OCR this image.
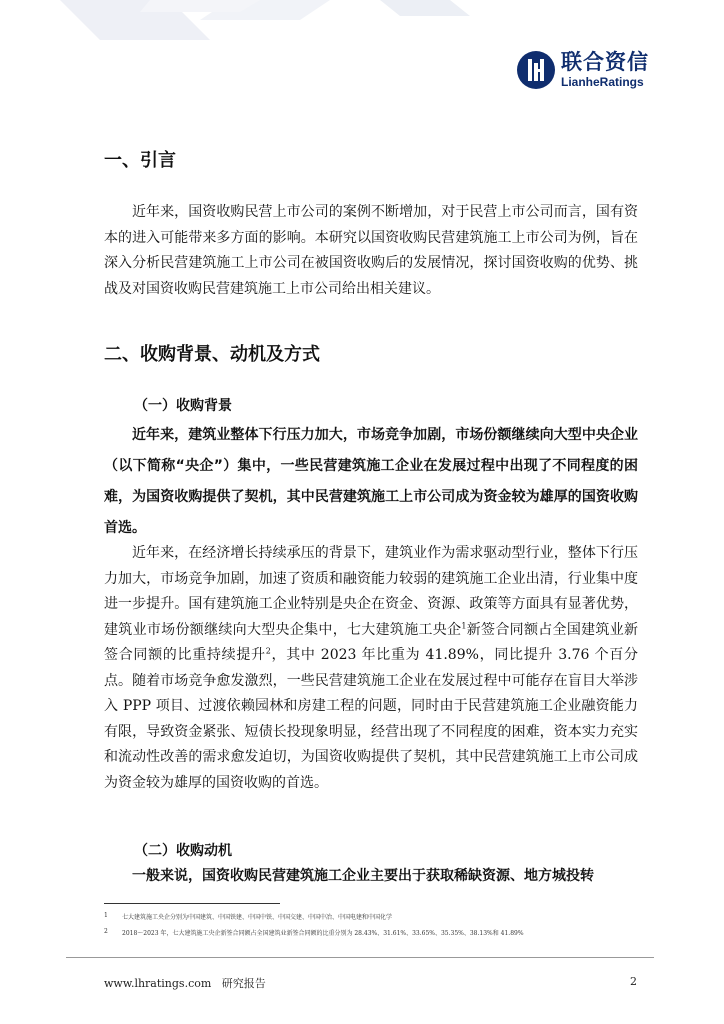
联合资信
LianheRatings
一、引言

近年来，国资收购民营上市公司的案例不断增加，对于民营上市公司而言，国有资本的进入可能带来多方面的影响。本研究以国资收购民营建筑施工上市公司为例，旨在深入分析民营建筑施工上市公司在被国资收购后的发展情况，探讨国资收购的优势、挑战及对国资收购民营建筑施工上市公司给出相关建议。

二、收购背景、动机及方式
（一）收购背景

近年来，建筑业整体下行压力加大，市场竞争加剧，市场份额继续向大型中央企业（以下简称“央企”）集中，一些民营建筑施工企业在发展过程中出现了不同程度的困难，为国资收购提供了契机，其中民营建筑施工上市公司成为资金较为雄厚的国资收购首选。

近年来，在经济增长持续承压的背景下，建筑业作为需求驱动型行业，整体下行压力加大，市场竞争加剧，加速了资质和融资能力较弱的建筑施工企业出清，行业集中度进一步提升。国有建筑施工企业特别是央企在资金、资源、政策等方面具有显著优势，建筑业市场份额继续向大型央企集中，七大建筑施工央企$^1$新签合同额占全国建筑业新签合同额的比重持续提升$^2$，其中 2023 年比重为 41.89%，同比提升 3.76 个百分点。随着市场竞争愈发激烈，一些民营建筑施工企业在发展过程中可能存在盲目大举涉入 PPP 项目、过渡依赖园林和房建工程的问题，同时由于民营建筑施工企业融资能力有限，导致资金紧张、短债长投现象明显，经营出现了不同程度的困难，资本实力充实和流动性改善的需求愈发迫切，为国资收购提供了契机，其中民营建筑施工上市公司成为资金较为雄厚的国资收购的首选。

（二）收购动机

一般来说，国资收购民营建筑施工企业主要出于获取稀缺资源、地方城投转

1 七大建筑施工央企分别为中国建筑、中国铁建、中国中铁、中国交建、中国中冶、中国电建和中国化学

2 2018～2023 年，七大建筑施工央企新签合同额占全国建筑业新签合同额的比重分别为 28.43%、31.61%、33.65%、35.35%、38.13%和 41.89%

www.lhratings.com 研究报告	2
